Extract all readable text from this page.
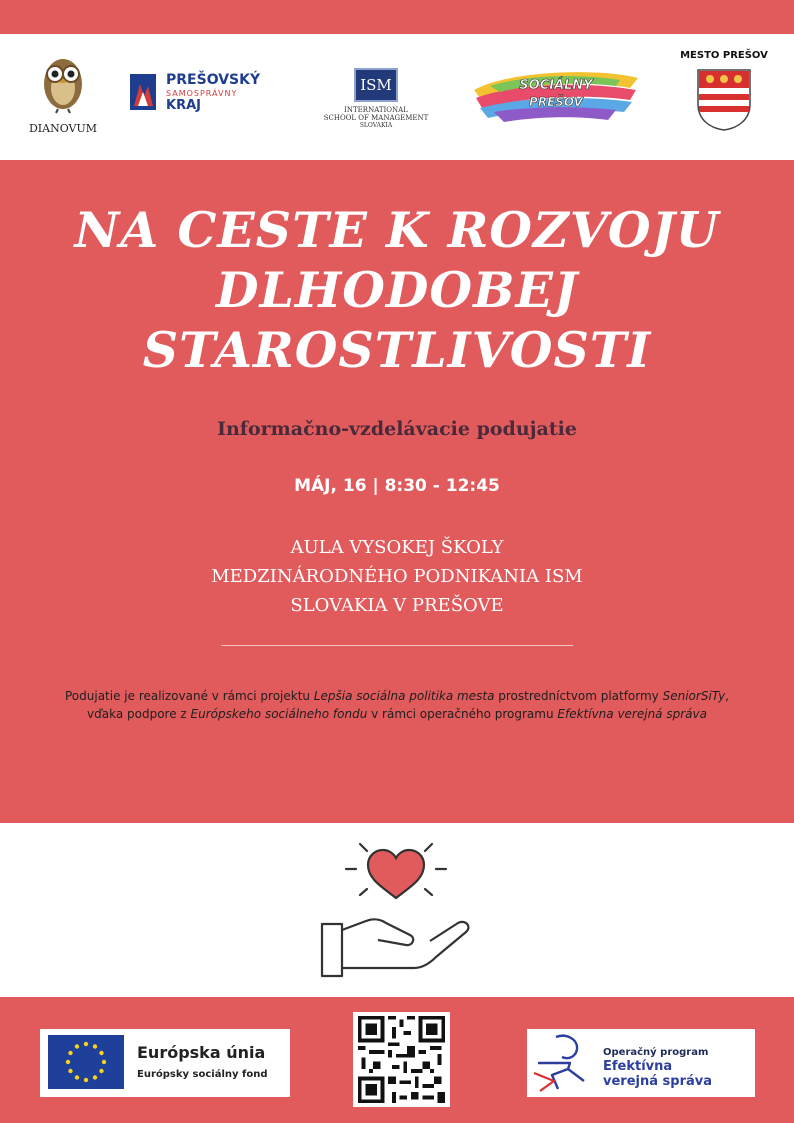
DIANOVUM
PREŠOVSKÝ
SAMOSPRÁVNY
KRAJ
ISM
INTERNATIONAL
SCHOOL OF MANAGEMENT
SLOVAKIA
SOCIÁLNY
PREŠOV
MESTO PREŠOV
NA CESTE K ROZVOJU
DLHODOBEJ
STAROSTLIVOSTI
Informačno-vzdelávacie podujatie
MÁJ, 16 | 8:30 - 12:45
AULA VYSOKEJ ŠKOLY
MEDZINÁRODNÉHO PODNIKANIA ISM
SLOVAKIA V PREŠOVE
Podujatie je realizované v rámci projektu Lepšia sociálna politika mesta prostredníctvom platformy SeniorSiTy, vďaka podpore z Európskeho sociálneho fondu v rámci operačného programu Efektívna verejná správa
Európska únia
Európsky sociálny fond
Operačný program
Efektívna
verejná správa
